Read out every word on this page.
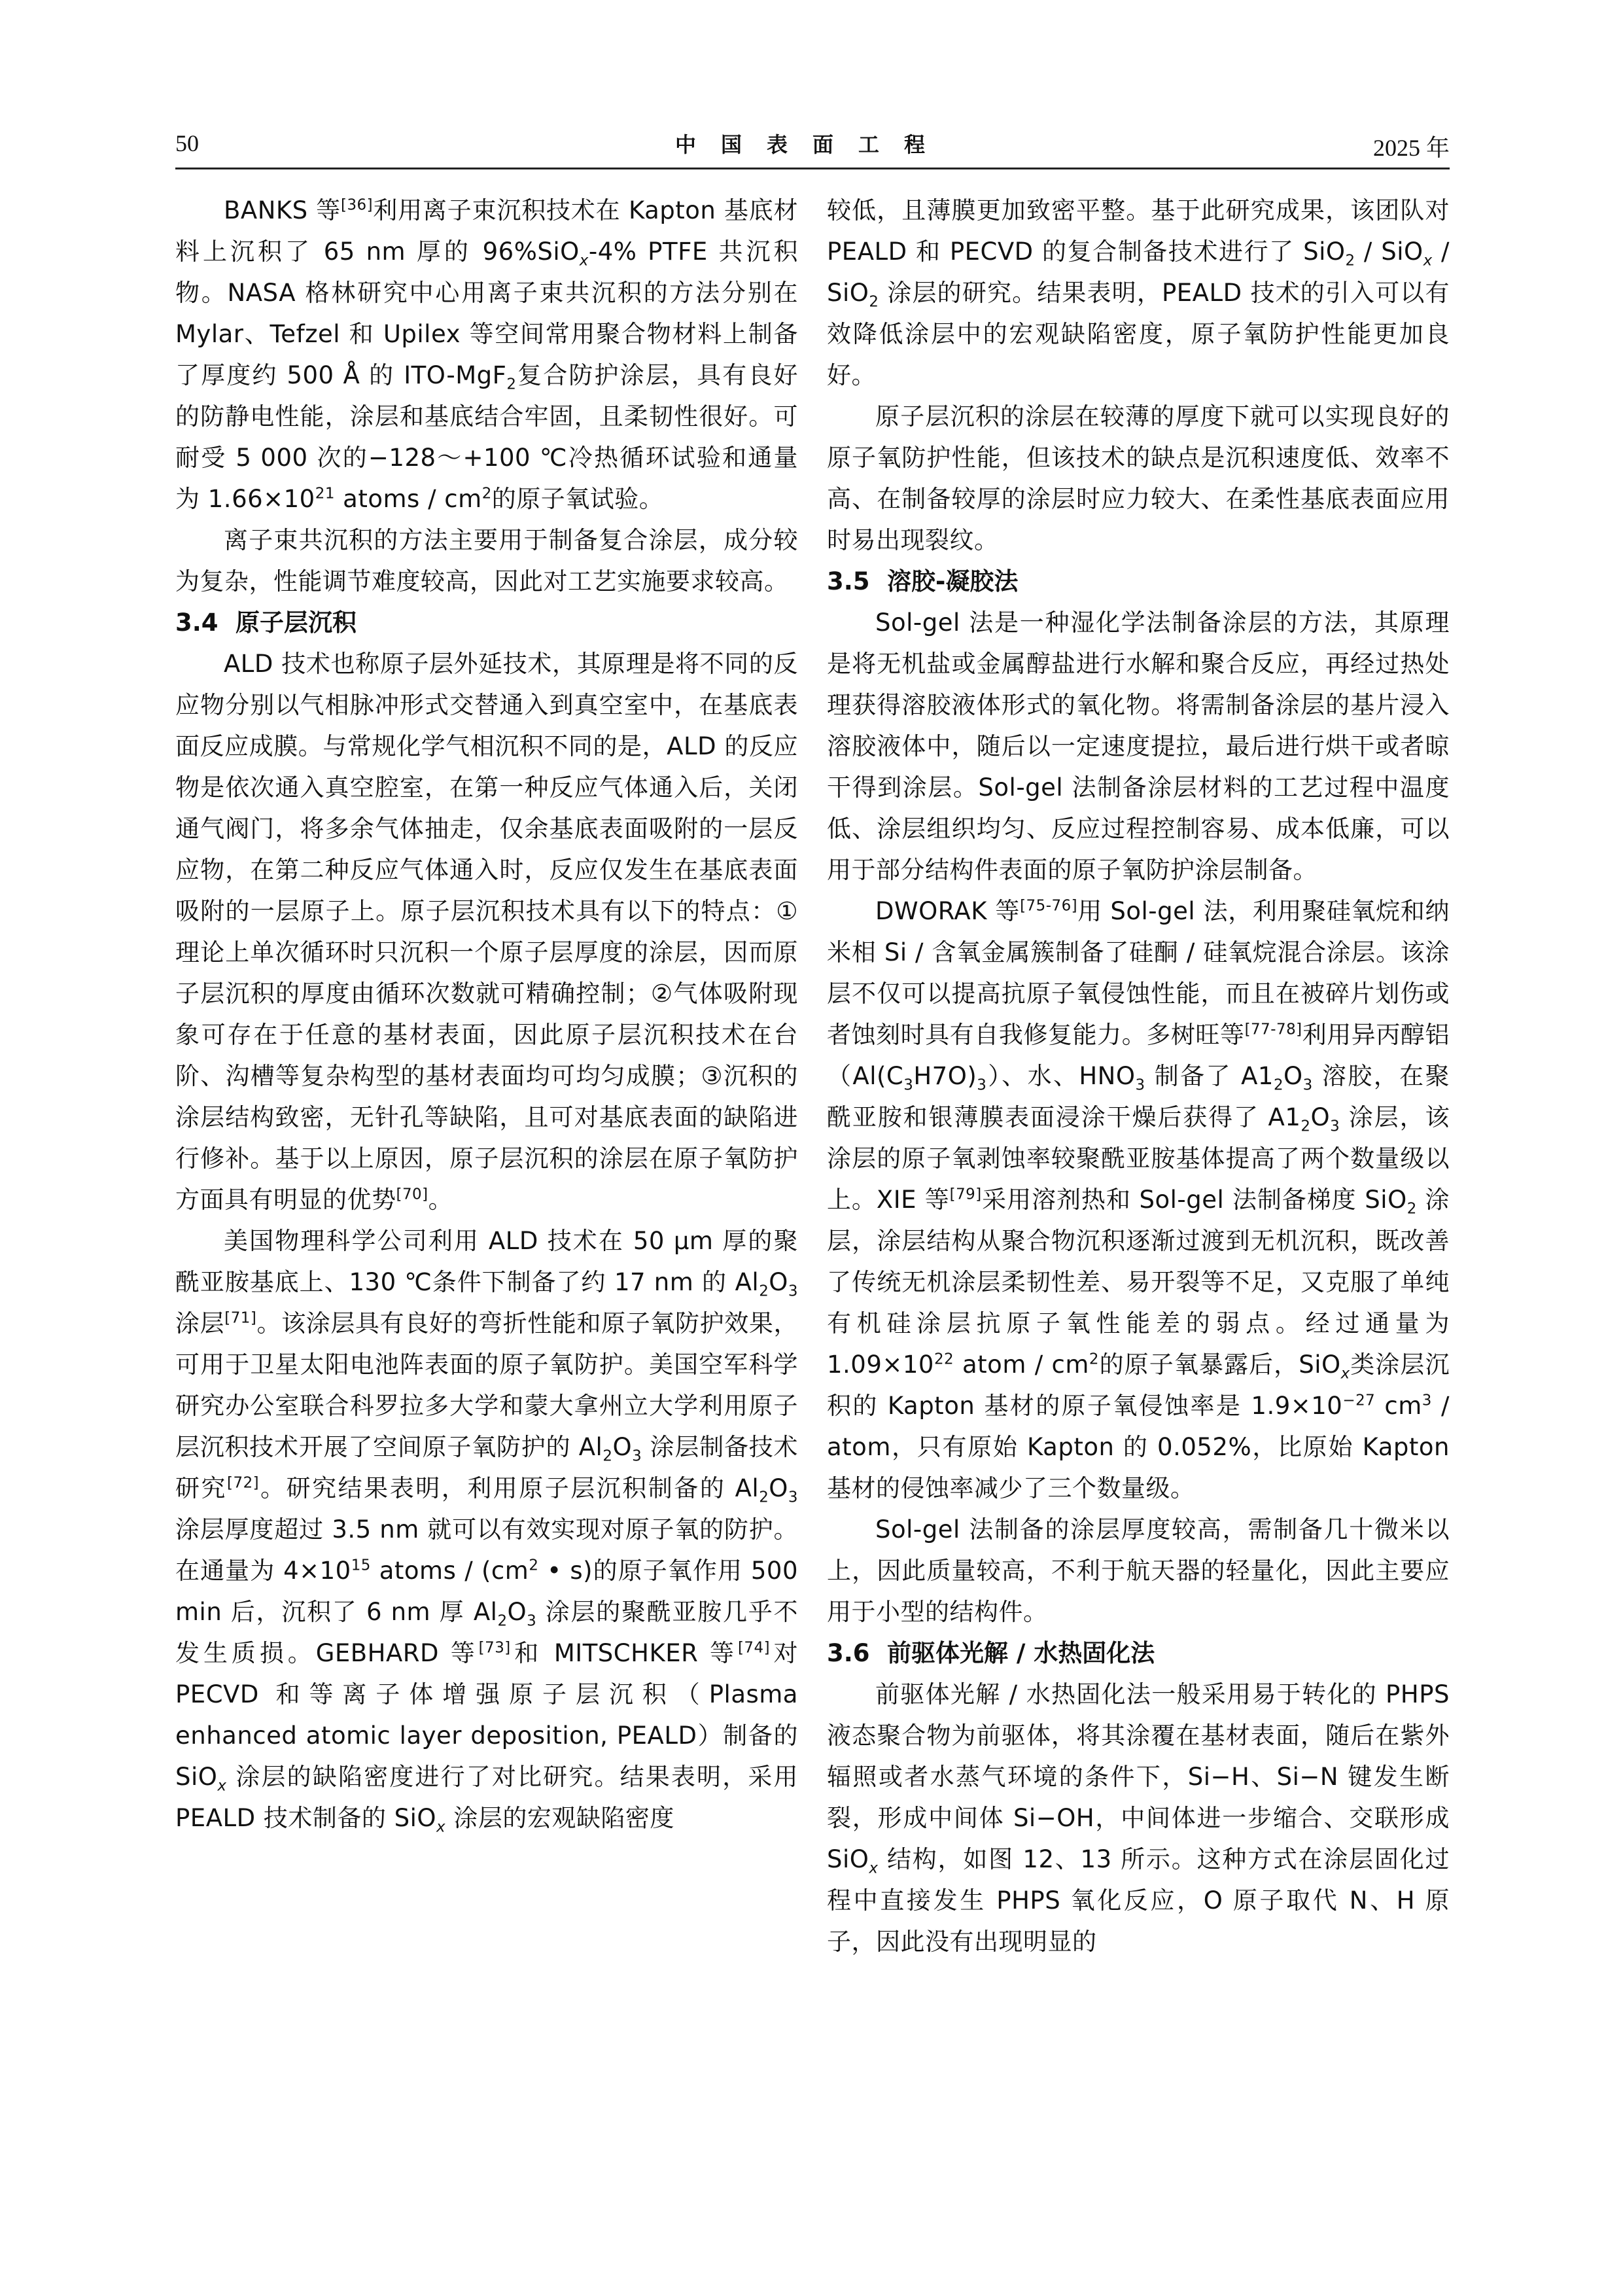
50	中国表面工程	2025 年

BANKS 等[36]利用离子束沉积技术在 Kapton 基底材料上沉积了 65 nm 厚的 96%SiO$_x$-4% PTFE 共沉积物。NASA 格林研究中心用离子束共沉积的方法分别在 Mylar、Tefzel 和 Upilex 等空间常用聚合物材料上制备了厚度约 500 Å 的 ITO-MgF$_2$复合防护涂层，具有良好的防静电性能，涂层和基底结合牢固，且柔韧性很好。可耐受 5 000 次的−128～+100 ℃冷热循环试验和通量为 $1.66\times 10^{21}$ atoms / $cm^2$的原子氧试验。

离子束共沉积的方法主要用于制备复合涂层，成分较为复杂，性能调节难度较高，因此对工艺实施要求较高。

3.4 原子层沉积

ALD 技术也称原子层外延技术，其原理是将不同的反应物分别以气相脉冲形式交替通入到真空室中，在基底表面反应成膜。与常规化学气相沉积不同的是，ALD 的反应物是依次通入真空腔室，在第一种反应气体通入后，关闭通气阀门，将多余气体抽走，仅余基底表面吸附的一层反应物，在第二种反应气体通入时，反应仅发生在基底表面吸附的一层原子上。原子层沉积技术具有以下的特点：①理论上单次循环时只沉积一个原子层厚度的涂层，因而原子层沉积的厚度由循环次数就可精确控制；②气体吸附现象可存在于任意的基材表面，因此原子层沉积技术在台阶、沟槽等复杂构型的基材表面均可均匀成膜；③沉积的涂层结构致密，无针孔等缺陷，且可对基底表面的缺陷进行修补。基于以上原因，原子层沉积的涂层在原子氧防护方面具有明显的优势[70]。

美国物理科学公司利用 ALD 技术在 50 μm 厚的聚酰亚胺基底上、130 ℃条件下制备了约 17 nm 的 $Al_2O_3$ 涂层[71]。该涂层具有良好的弯折性能和原子氧防护效果，可用于卫星太阳电池阵表面的原子氧防护。美国空军科学研究办公室联合科罗拉多大学和蒙大拿州立大学利用原子层沉积技术开展了空间原子氧防护的 $Al_2O_3$ 涂层制备技术研究[72]。研究结果表明，利用原子层沉积制备的 $Al_2O_3$ 涂层厚度超过 3.5 nm 就可以有效实现对原子氧的防护。在通量为 $4\times 10^{15}$ atoms / ($cm^2$ • s)的原子氧作用 500 min 后，沉积了 6 nm 厚 $Al_2O_3$ 涂层的聚酰亚胺几乎不发生质损。GEBHARD 等[73]和 MITSCHKER 等[74]对 PECVD 和等离子体增强原子层沉积（Plasma enhanced atomic layer deposition, PEALD）制备的 SiO$_x$ 涂层的缺陷密度进行了对比研究。结果表明，采用 PEALD 技术制备的 SiO$_x$ 涂层的宏观缺陷密度

较低，且薄膜更加致密平整。基于此研究成果，该团队对 PEALD 和 PECVD 的复合制备技术进行了 SiO$_2$ / SiO$_x$ / SiO$_2$ 涂层的研究。结果表明，PEALD 技术的引入可以有效降低涂层中的宏观缺陷密度，原子氧防护性能更加良好。

原子层沉积的涂层在较薄的厚度下就可以实现良好的原子氧防护性能，但该技术的缺点是沉积速度低、效率不高、在制备较厚的涂层时应力较大、在柔性基底表面应用时易出现裂纹。

3.5 溶胶-凝胶法

Sol-gel 法是一种湿化学法制备涂层的方法，其原理是将无机盐或金属醇盐进行水解和聚合反应，再经过热处理获得溶胶液体形式的氧化物。将需制备涂层的基片浸入溶胶液体中，随后以一定速度提拉，最后进行烘干或者晾干得到涂层。Sol-gel 法制备涂层材料的工艺过程中温度低、涂层组织均匀、反应过程控制容易、成本低廉，可以用于部分结构件表面的原子氧防护涂层制备。

DWORAK 等[75-76]用 Sol-gel 法，利用聚硅氧烷和纳米相 Si / 含氧金属簇制备了硅酮 / 硅氧烷混合涂层。该涂层不仅可以提高抗原子氧侵蚀性能，而且在被碎片划伤或者蚀刻时具有自我修复能力。多树旺等[77-78]利用异丙醇铝$(Al(C_3H7O)_3)$、水、$HNO_3$ 制备了 $A1_2O_3$ 溶胶，在聚酰亚胺和银薄膜表面浸涂干燥后获得了 $A1_2O_3$ 涂层，该涂层的原子氧剥蚀率较聚酰亚胺基体提高了两个数量级以上。XIE 等[79]采用溶剂热和 Sol-gel 法制备梯度 SiO$_2$ 涂层，涂层结构从聚合物沉积逐渐过渡到无机沉积，既改善了传统无机涂层柔韧性差、易开裂等不足，又克服了单纯有机硅涂层抗原子氧性能差的弱点。经过通量为 $1.09\times 10^{22}$ atom / $cm^2$的原子氧暴露后，SiO$_x$类涂层沉积的 Kapton 基材的原子氧侵蚀率是 $1.9\times 10^{-27}$ $cm^3$ / atom，只有原始 Kapton 的 0.052%，比原始 Kapton 基材的侵蚀率减少了三个数量级。

Sol-gel 法制备的涂层厚度较高，需制备几十微米以上，因此质量较高，不利于航天器的轻量化，因此主要应用于小型的结构件。

3.6 前驱体光解 / 水热固化法

前驱体光解 / 水热固化法一般采用易于转化的 PHPS 液态聚合物为前驱体，将其涂覆在基材表面，随后在紫外辐照或者水蒸气环境的条件下，Si−H、Si−N 键发生断裂，形成中间体 Si−OH，中间体进一步缩合、交联形成 SiO$_x$ 结构，如图 12、13 所示。这种方式在涂层固化过程中直接发生 PHPS 氧化反应，O 原子取代 N、H 原子，因此没有出现明显的
